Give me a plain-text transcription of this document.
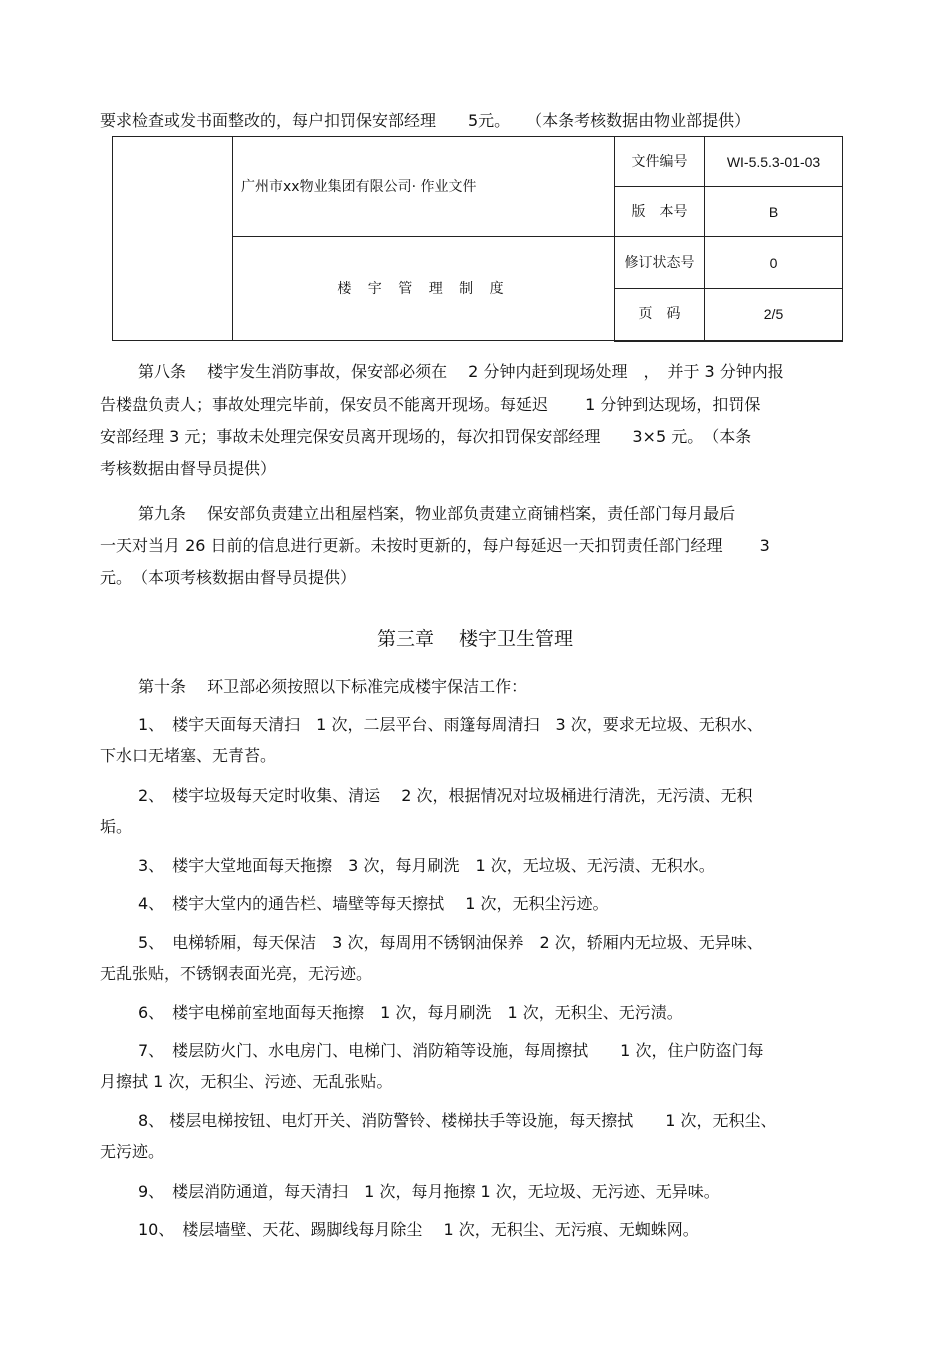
要求检查或发书面整改的，每户扣罚保安部经理　　5元。　　（本条考核数据由物业部提供）

	广州市xx物业集团有限公司· 作业文件	文件编号	WI-5.5.3-01-03
		版　本号	B
	楼 宇 管 理 制 度	修订状态号	0
		页　码	2/5

第八条　 楼宇发生消防事故，保安部必须在　 2 分钟内赶到现场处理　，　并于 3 分钟内报

告楼盘负责人；事故处理完毕前，保安员不能离开现场。每延迟　　 1 分钟到达现场，扣罚保

安部经理 3 元；事故未处理完保安员离开现场的，每次扣罚保安部经理　　3×5 元。　（本条

考核数据由督导员提供）

第九条　 保安部负责建立出租屋档案，物业部负责建立商铺档案，责任部门每月最后

一天对当月 26 日前的信息进行更新。未按时更新的，每户每延迟一天扣罚责任部门经理　　 3

元。　（本项考核数据由督导员提供）

第三章　 楼宇卫生管理

第十条　 环卫部必须按照以下标准完成楼宇保洁工作：

1、　楼宇天面每天清扫　1 次，二层平台、雨篷每周清扫　3 次，要求无垃圾、无积水、

下水口无堵塞、无青苔。

2、　楼宇垃圾每天定时收集、清运　 2 次，根据情况对垃圾桶进行清洗，无污渍、无积

垢。

3、　楼宇大堂地面每天拖擦　3 次，每月刷洗　1 次，无垃圾、无污渍、无积水。

4、　楼宇大堂内的通告栏、墙壁等每天擦拭　 1 次，无积尘污迹。

5、　电梯轿厢，每天保洁　3 次，每周用不锈钢油保养　2 次，轿厢内无垃圾、无异味、

无乱张贴，不锈钢表面光亮，无污迹。

6、　楼宇电梯前室地面每天拖擦　1 次，每月刷洗　1 次，无积尘、无污渍。

7、　楼层防火门、水电房门、电梯门、消防箱等设施，每周擦拭　　1 次，住户防盗门每

月擦拭 1 次，无积尘、污迹、无乱张贴。

8、 楼层电梯按钮、电灯开关、消防警铃、楼梯扶手等设施，每天擦拭　　1 次，无积尘、

无污迹。

9、　楼层消防通道，每天清扫　1 次，每月拖擦 1 次，无垃圾、无污迹、无异味。

10、　楼层墙壁、天花、踢脚线每月除尘　 1 次，无积尘、无污痕、无蜘蛛网。
